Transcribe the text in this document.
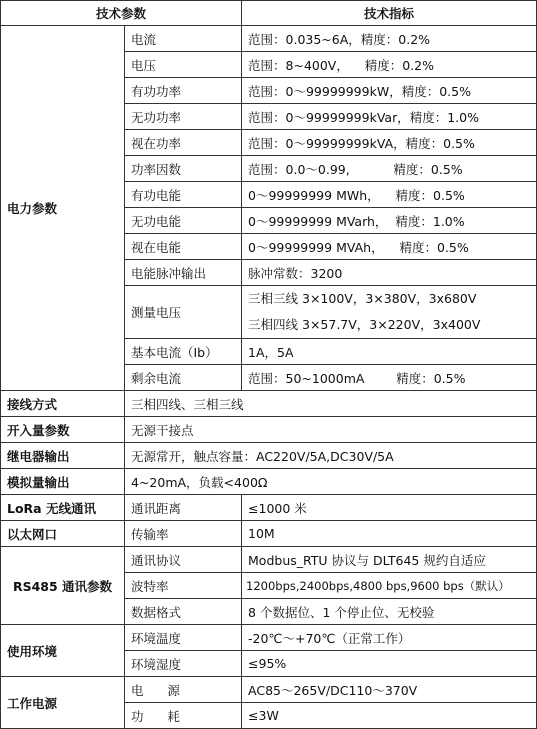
技术参数		技术指标
电力参数	电流	范围：0.035~6A，精度：0.2%
	电压	范围：8~400V，    精度：0.2%
	有功功率	范围：0～99999999kW，精度：0.5%
	无功功率	范围：0～99999999kVar，精度：1.0%
	视在功率	范围：0～99999999kVA，精度：0.5%
	功率因数	范围：0.0～0.99,           精度：0.5%
	有功电能	0～99999999 MWh，    精度：0.5%
	无功电能	0～99999999 MVarh，  精度：1.0%
	视在电能	0～99999999 MVAh，    精度：0.5%
	电能脉冲输出	脉冲常数：3200
	测量电压	三相三线 3×100V，3×380V，3x680V
三相四线 3×57.7V，3×220V，3x400V

	基本电流（Ib）	1A，5A
	剩余电流	范围：50~1000mA        精度：0.5%
接线方式	三相四线、三相三线	
开入量参数	无源干接点	
继电器输出	无源常开，触点容量：AC220V/5A,DC30V/5A	
模拟量输出	4~20mA，负载<400Ω	
LoRa 无线通讯	通讯距离	≤1000 米
以太网口	传输率	10M
RS485 通讯参数	通讯协议	Modbus_RTU 协议与 DLT645 规约自适应
	波特率	1200bps,2400bps,4800 bps,9600 bps（默认）
	数据格式	8 个数据位、1 个停止位、无校验
使用环境	环境温度	-20℃～+70℃（正常工作）
	环境湿度	≤95%
工作电源	电      源	AC85～265V/DC110～370V
	功      耗	≤3W
